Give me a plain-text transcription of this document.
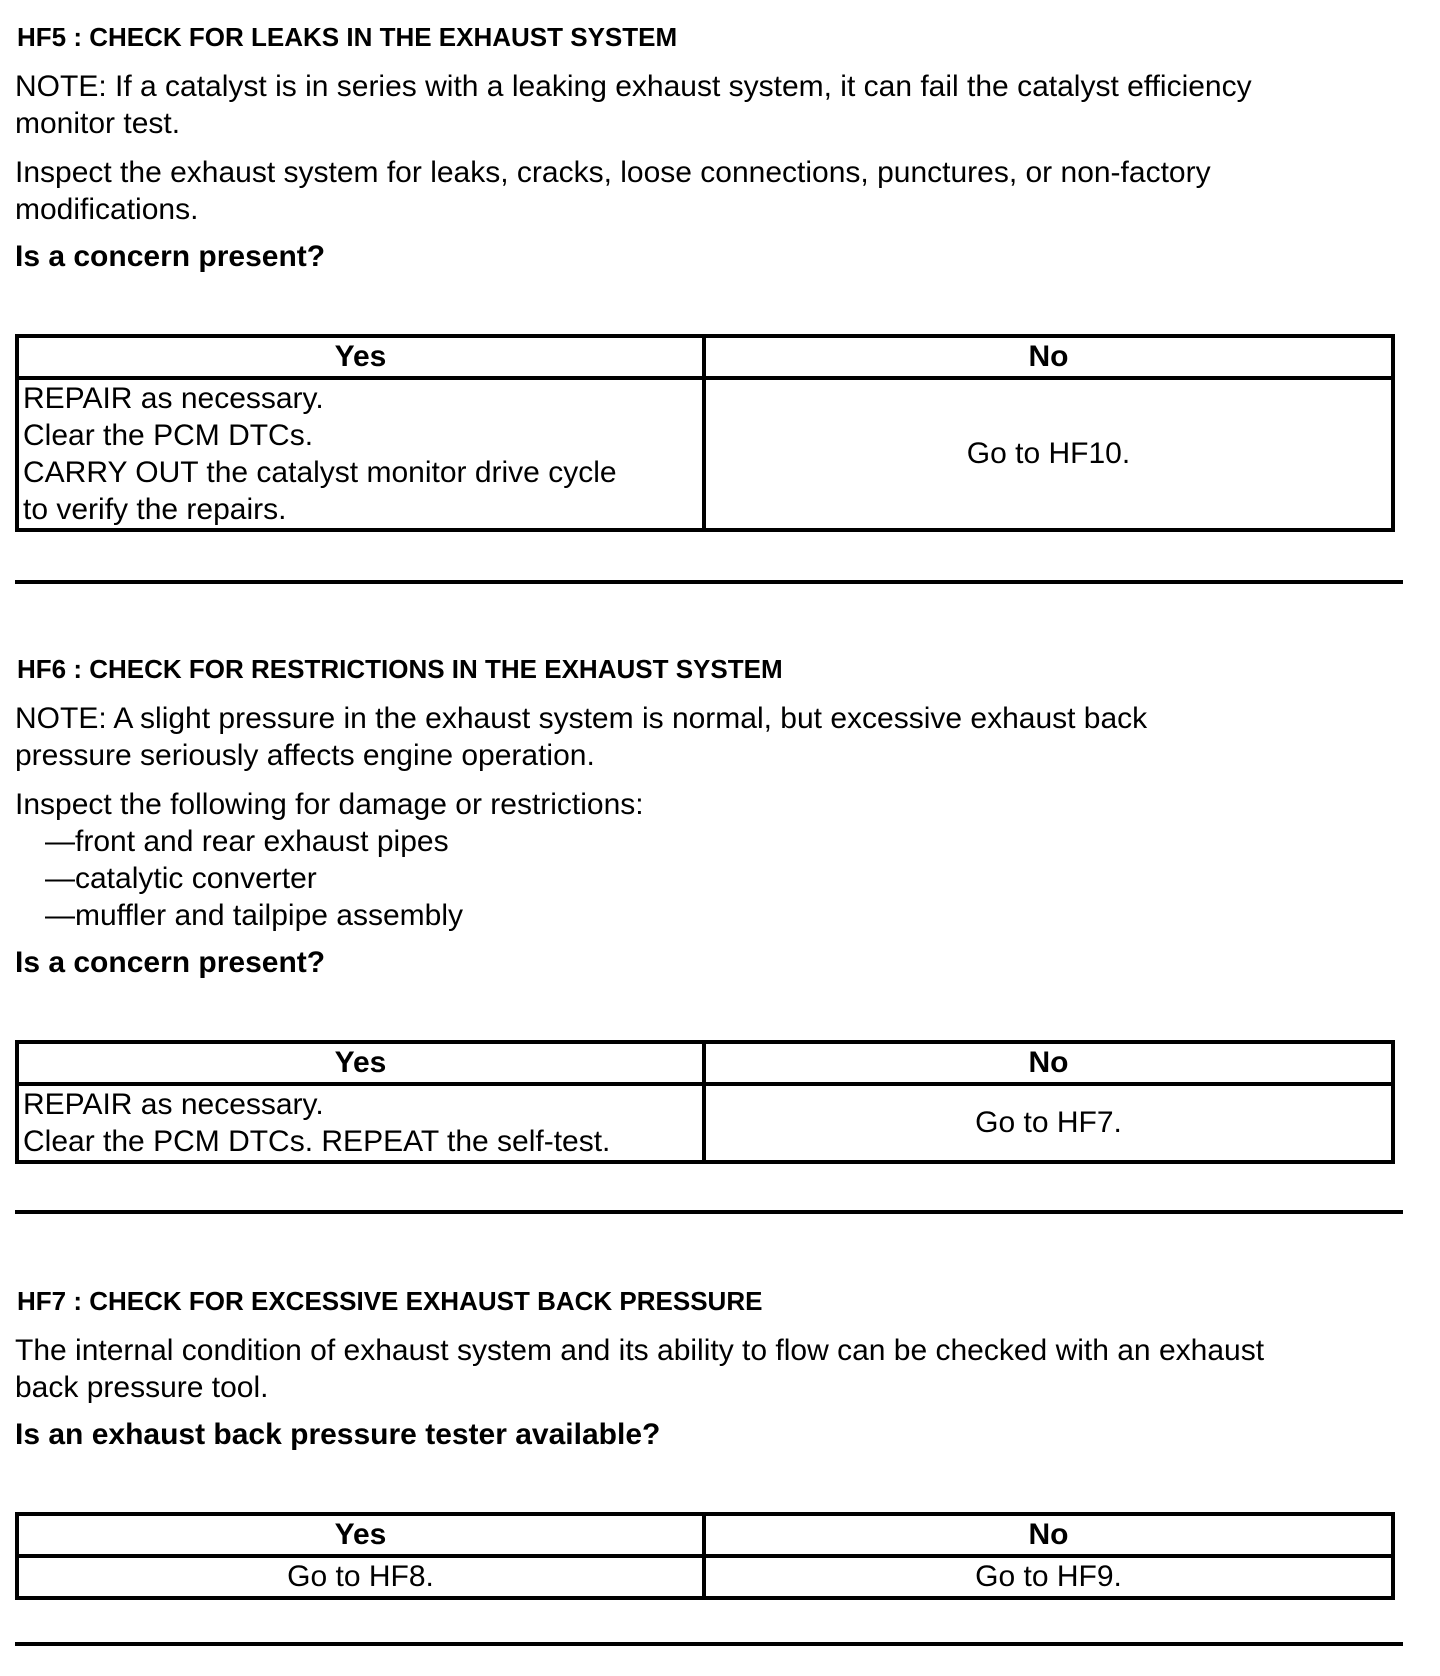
HF5 : CHECK FOR LEAKS IN THE EXHAUST SYSTEM
NOTE: If a catalyst is in series with a leaking exhaust system, it can fail the catalyst efficiency
monitor test.
Inspect the exhaust system for leaks, cracks, loose connections, punctures, or non-factory
modifications.
Is a concern present?
Yes	No
REPAIR as necessary.
Clear the PCM DTCs.
CARRY OUT the catalyst monitor drive cycle
to verify the repairs.	Go to HF10.
HF6 : CHECK FOR RESTRICTIONS IN THE EXHAUST SYSTEM
NOTE: A slight pressure in the exhaust system is normal, but excessive exhaust back
pressure seriously affects engine operation.
Inspect the following for damage or restrictions:
—front and rear exhaust pipes
—catalytic converter
—muffler and tailpipe assembly
Is a concern present?
Yes	No
REPAIR as necessary.
Clear the PCM DTCs. REPEAT the self-test.	Go to HF7.
HF7 : CHECK FOR EXCESSIVE EXHAUST BACK PRESSURE
The internal condition of exhaust system and its ability to flow can be checked with an exhaust
back pressure tool.
Is an exhaust back pressure tester available?
Yes	No
Go to HF8.	Go to HF9.
